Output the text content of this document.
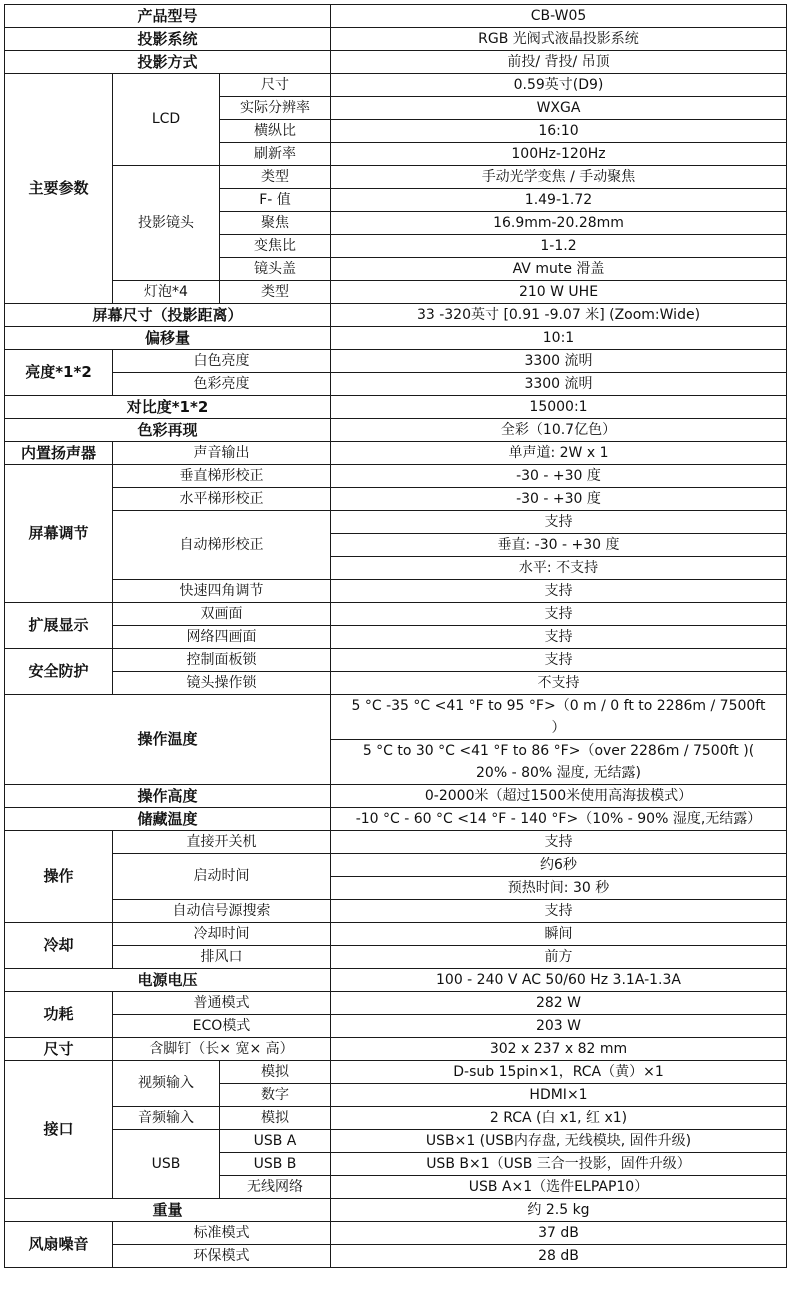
产品型号			CB-W05
投影系统			RGB 光阀式液晶投影系统
投影方式			前投/ 背投/ 吊顶
主要参数	LCD	尺寸	0.59英寸(D9)
		实际分辨率	WXGA
		横纵比	16:10
		刷新率	100Hz-120Hz
	投影镜头	类型	手动光学变焦 / 手动聚焦
		F- 值	1.49-1.72
		聚焦	16.9mm-20.28mm
		变焦比	1-1.2
		镜头盖	AV mute 滑盖
	灯泡*4	类型	210 W UHE
屏幕尺寸（投影距离）			33 -320英寸 [0.91 -9.07 米] (Zoom:Wide)
偏移量			10:1
亮度*1*2	白色亮度		3300 流明
	色彩亮度		3300 流明
对比度*1*2			15000:1
色彩再现			全彩（10.7亿色）
内置扬声器	声音输出		单声道: 2W x 1
屏幕调节	垂直梯形校正		-30 - +30 度
	水平梯形校正		-30 - +30 度
	自动梯形校正		支持
			垂直: -30 - +30 度
			水平: 不支持
	快速四角调节		支持
扩展显示	双画面		支持
	网络四画面		支持
安全防护	控制面板锁		支持
	镜头操作锁		不支持
操作温度			5 °C -35 °C <41 °F to 95 °F>（0 m / 0 ft to 2286m / 7500ft
）
			5 °C to 30 °C <41 °F to 86 °F>（over 2286m / 7500ft )(
20% - 80% 湿度, 无结露)
操作高度			0-2000米（超过1500米使用高海拔模式）
储藏温度			-10 °C - 60 °C <14 °F - 140 °F>（10% - 90% 湿度,无结露）
操作	直接开关机		支持
	启动时间		约6秒
			预热时间: 30 秒
	自动信号源搜索		支持
冷却	冷却时间		瞬间
	排风口		前方
电源电压			100 - 240 V AC 50/60 Hz 3.1A-1.3A
功耗	普通模式		282 W
	ECO模式		203 W
尺寸	含脚钉（长× 宽× 高）		302 x 237 x 82 mm
接口	视频输入	模拟	D-sub 15pin×1，RCA（黄）×1
		数字	HDMI×1
	音频输入	模拟	2 RCA (白 x1, 红 x1)
	USB	USB A	USB×1 (USB内存盘, 无线模块, 固件升级)
		USB B	USB B×1（USB 三合一投影，固件升级）
		无线网络	USB A×1（选件ELPAP10）
重量			约 2.5 kg
风扇噪音	标准模式		37 dB
	环保模式		28 dB
